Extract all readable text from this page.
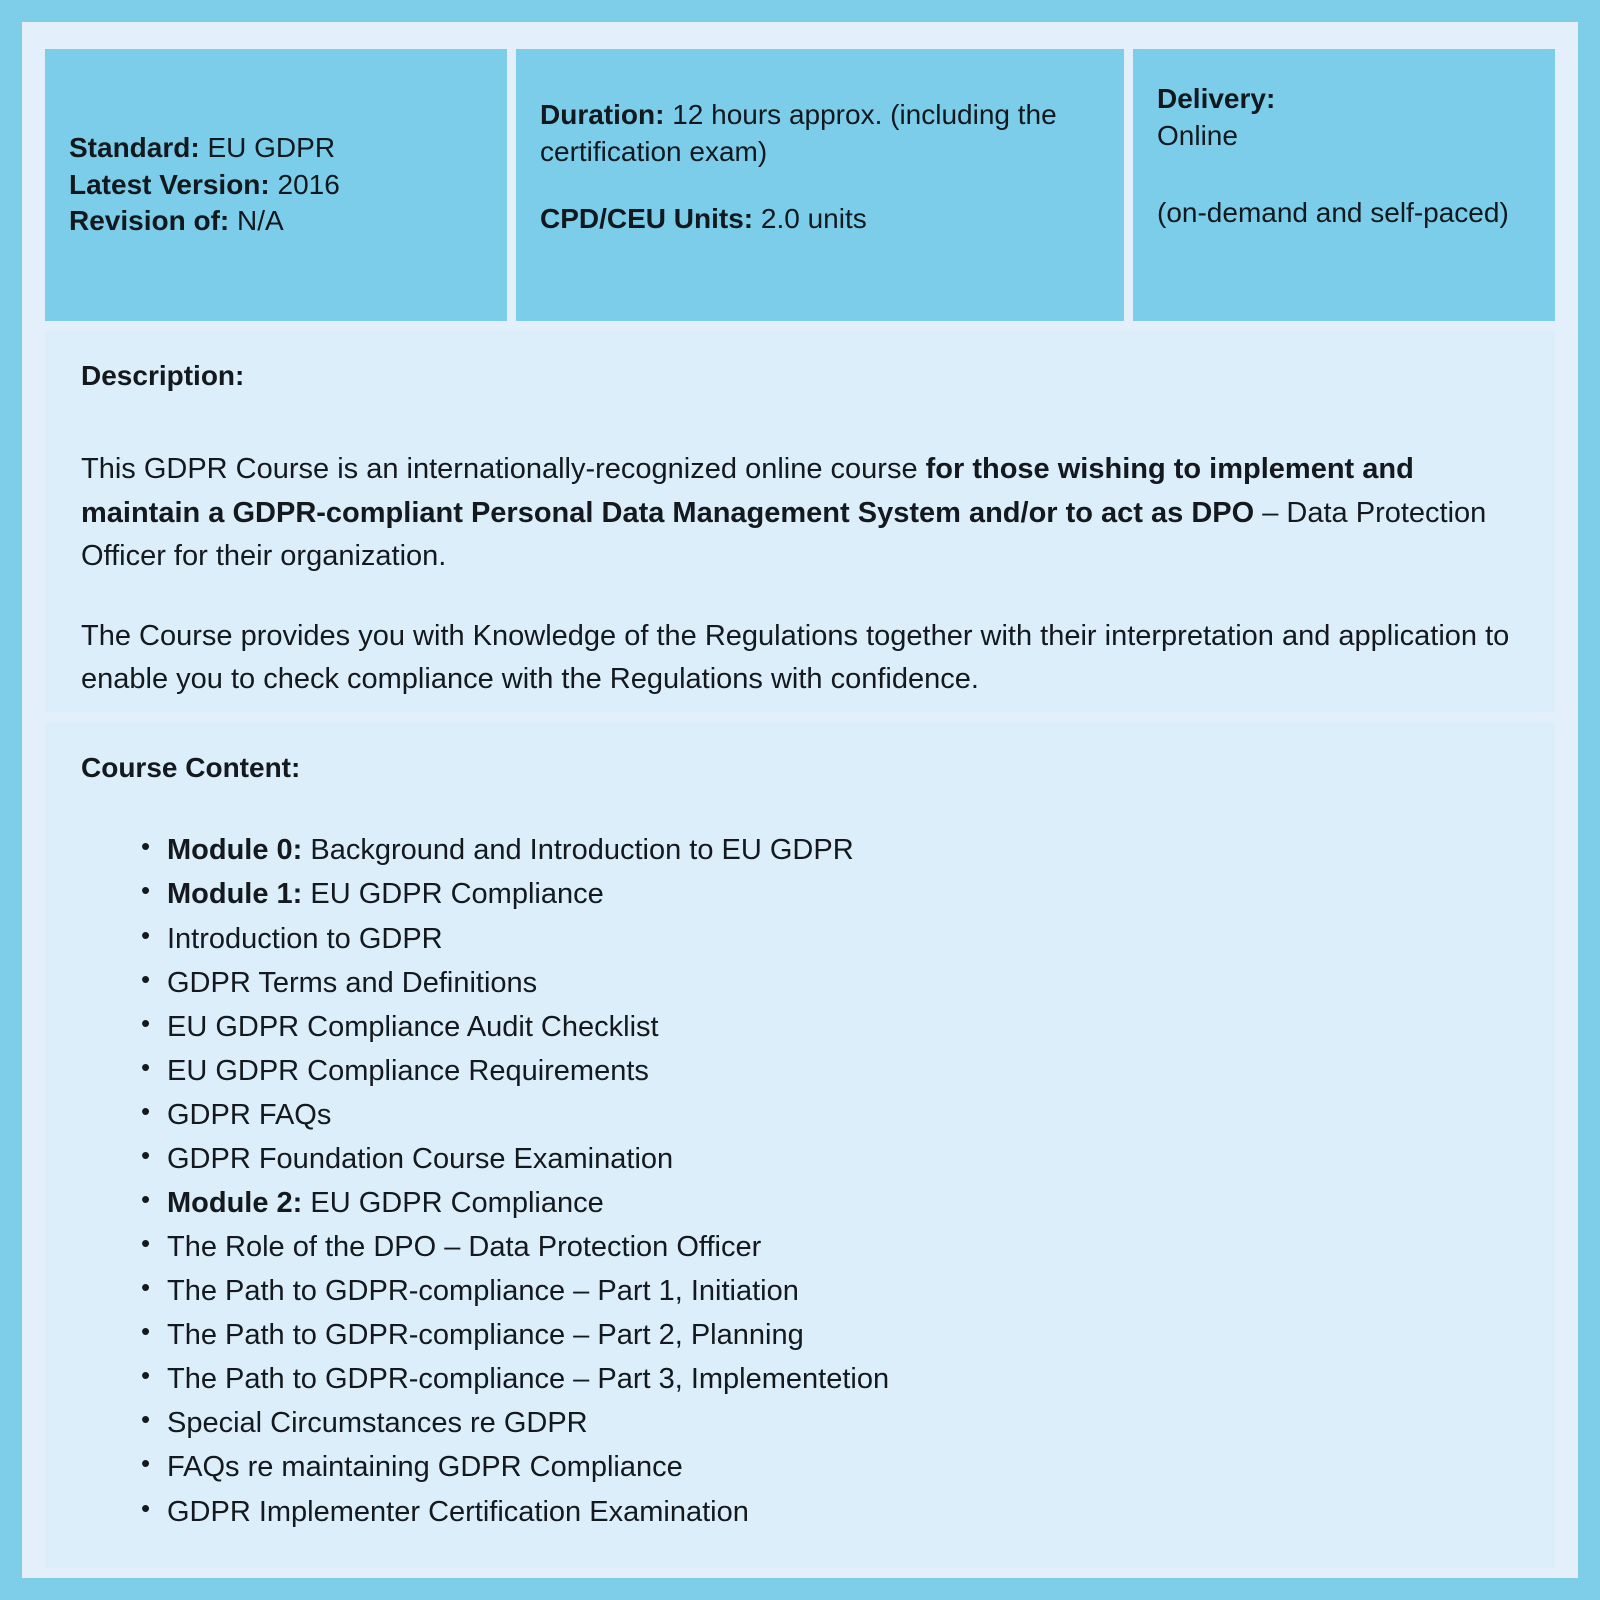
Standard: EU GDPR
Latest Version: 2016
Revision of: N/A
Duration: 12 hours approx. (including the certification exam)
CPD/CEU Units: 2.0 units
Delivery:
Online
(on-demand and self-paced)
Description:

This GDPR Course is an internationally-recognized online course for those wishing to implement and maintain a GDPR-compliant Personal Data Management System and/or to act as DPO – Data Protection Officer for their organization.

The Course provides you with Knowledge of the Regulations together with their interpretation and application to enable you to check compliance with the Regulations with confidence.

Course Content:
• Module 0: Background and Introduction to EU GDPR
• Module 1: EU GDPR Compliance
• Introduction to GDPR
• GDPR Terms and Definitions
• EU GDPR Compliance Audit Checklist
• EU GDPR Compliance Requirements
• GDPR FAQs
• GDPR Foundation Course Examination
• Module 2: EU GDPR Compliance
• The Role of the DPO – Data Protection Officer
• The Path to GDPR-compliance – Part 1, Initiation
• The Path to GDPR-compliance – Part 2, Planning
• The Path to GDPR-compliance – Part 3, Implementetion
• Special Circumstances re GDPR
• FAQs re maintaining GDPR Compliance
• GDPR Implementer Certification Examination
